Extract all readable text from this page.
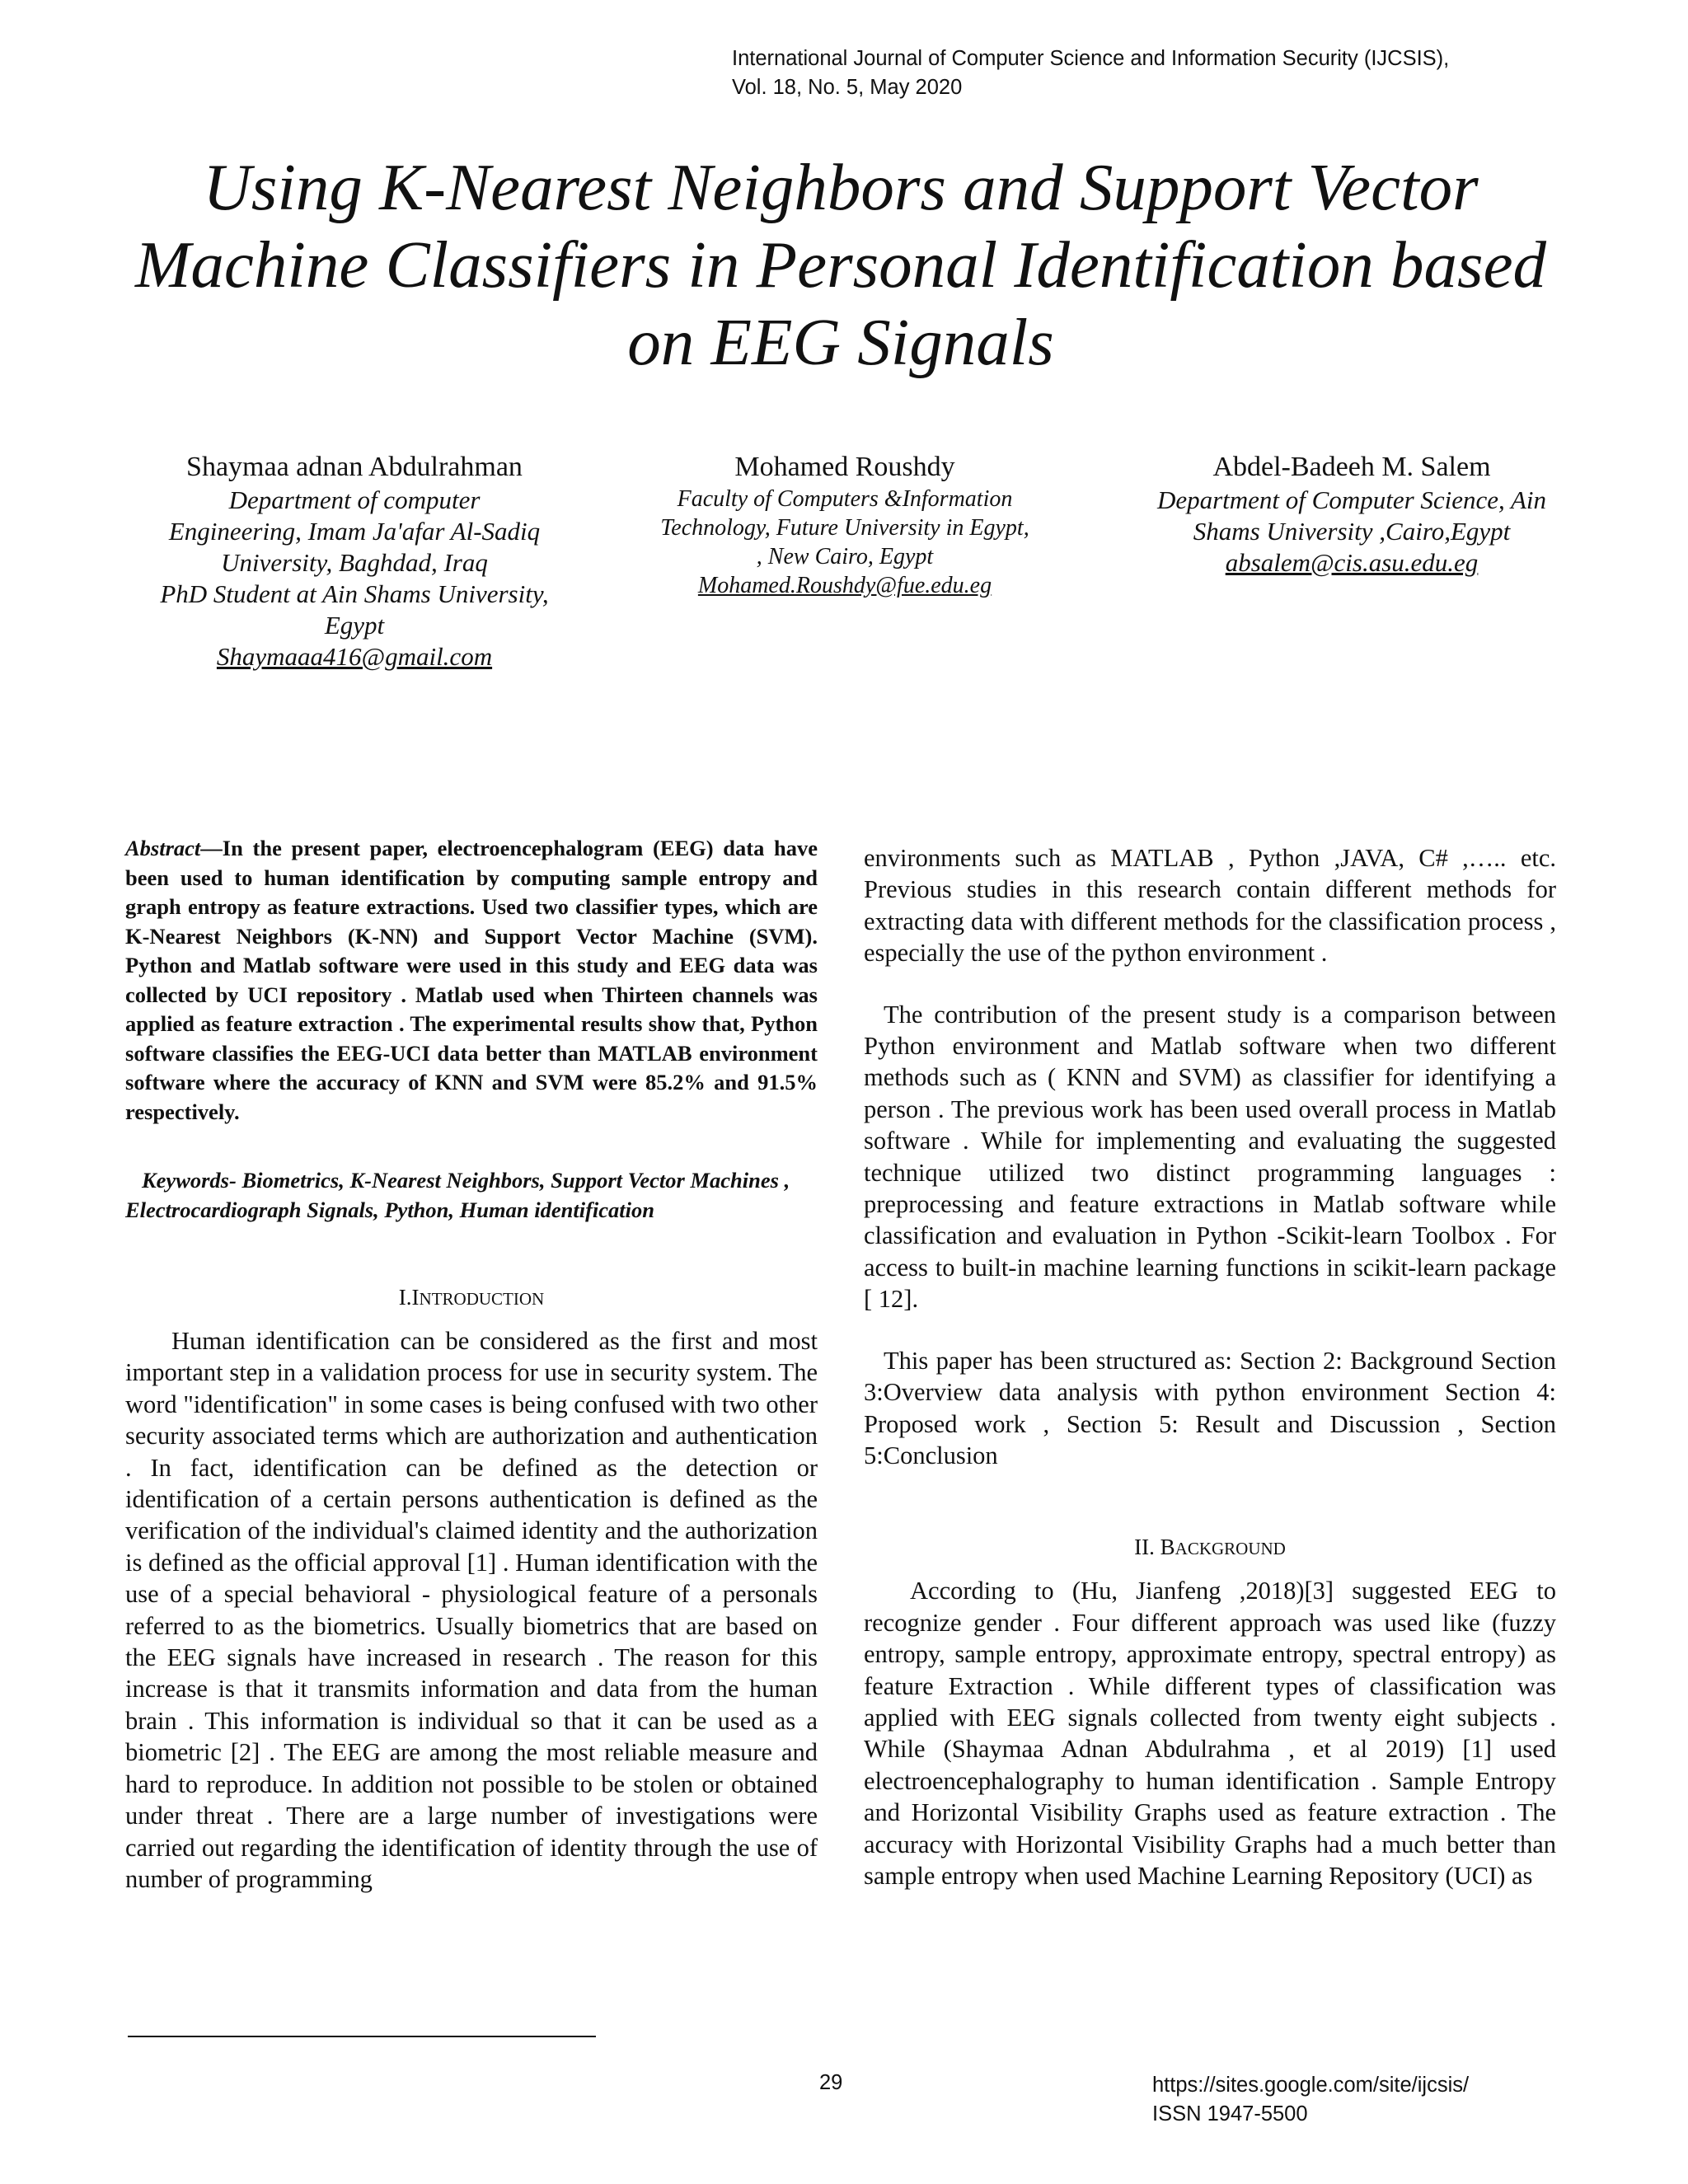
International Journal of Computer Science and Information Security (IJCSIS),
Vol. 18, No. 5, May 2020
Using K-Nearest Neighbors and Support Vector
Machine Classifiers in Personal Identification based
on EEG Signals
Shaymaa adnan Abdulrahman
Department of computer
Engineering, Imam Ja'afar Al-Sadiq
University, Baghdad, Iraq
PhD Student at Ain Shams University,
Egypt
Shaymaaa416@gmail.com
Mohamed Roushdy
Faculty of Computers &Information
Technology, Future University in Egypt,
, New Cairo, Egypt
Mohamed.Roushdy@fue.edu.eg
Abdel-Badeeh M. Salem
Department of Computer Science, Ain
Shams University ,Cairo,Egypt
absalem@cis.asu.edu.eg

Abstract—In the present paper, electroencephalogram (EEG) data have been used to human identification by computing sample entropy and graph entropy as feature extractions. Used two classifier types, which are K-Nearest Neighbors (K-NN) and Support Vector Machine (SVM). Python and Matlab software were used in this study and EEG data was collected by UCI repository . Matlab used when Thirteen channels was applied as feature extraction . The experimental results show that, Python software classifies the EEG-UCI data better than MATLAB environment software where the accuracy of KNN and SVM were 85.2% and 91.5% respectively.

Keywords- Biometrics, K-Nearest Neighbors, Support Vector Machines , Electrocardiograph Signals, Python, Human identification

I.INTRODUCTION

Human identification can be considered as the first and most important step in a validation process for use in security system. The word "identification" in some cases is being confused with two other security associated terms which are authorization and authentication . In fact, identification can be defined as the detection or identification of a certain persons authentication is defined as the verification of the individual's claimed identity and the authorization is defined as the official approval [1] . Human identification with the use of a special behavioral - physiological feature of a personals referred to as the biometrics. Usually biometrics that are based on the EEG signals have increased in research . The reason for this increase is that it transmits information and data from the human brain . This information is individual so that it can be used as a biometric [2] . The EEG are among the most reliable measure and hard to reproduce. In addition not possible to be stolen or obtained under threat . There are a large number of investigations were carried out regarding the identification of identity through the use of number of programming

environments such as MATLAB , Python ,JAVA, C# ,….. etc. Previous studies in this research contain different methods for extracting data with different methods for the classification process , especially the use of the python environment .

The contribution of the present study is a comparison between Python environment and Matlab software when two different methods such as ( KNN and SVM) as classifier for identifying a person . The previous work has been used overall process in Matlab software . While for implementing and evaluating the suggested technique utilized two distinct programming languages : preprocessing and feature extractions in Matlab software while classification and evaluation in Python -Scikit-learn Toolbox . For access to built-in machine learning functions in scikit-learn package [ 12].

This paper has been structured as: Section 2: Background Section 3:Overview data analysis with python environment Section 4: Proposed work , Section 5: Result and Discussion , Section 5:Conclusion

II. BACKGROUND

According to (Hu, Jianfeng ,2018)[3] suggested EEG to recognize gender . Four different approach was used like (fuzzy entropy, sample entropy, approximate entropy, spectral entropy) as feature Extraction . While different types of classification was applied with EEG signals collected from twenty eight subjects . While (Shaymaa Adnan Abdulrahma , et al 2019) [1] used electroencephalography to human identification . Sample Entropy and Horizontal Visibility Graphs used as feature extraction . The accuracy with Horizontal Visibility Graphs had a much better than sample entropy when used Machine Learning Repository (UCI) as

29	https://sites.google.com/site/ijcsis/
ISSN 1947-5500
